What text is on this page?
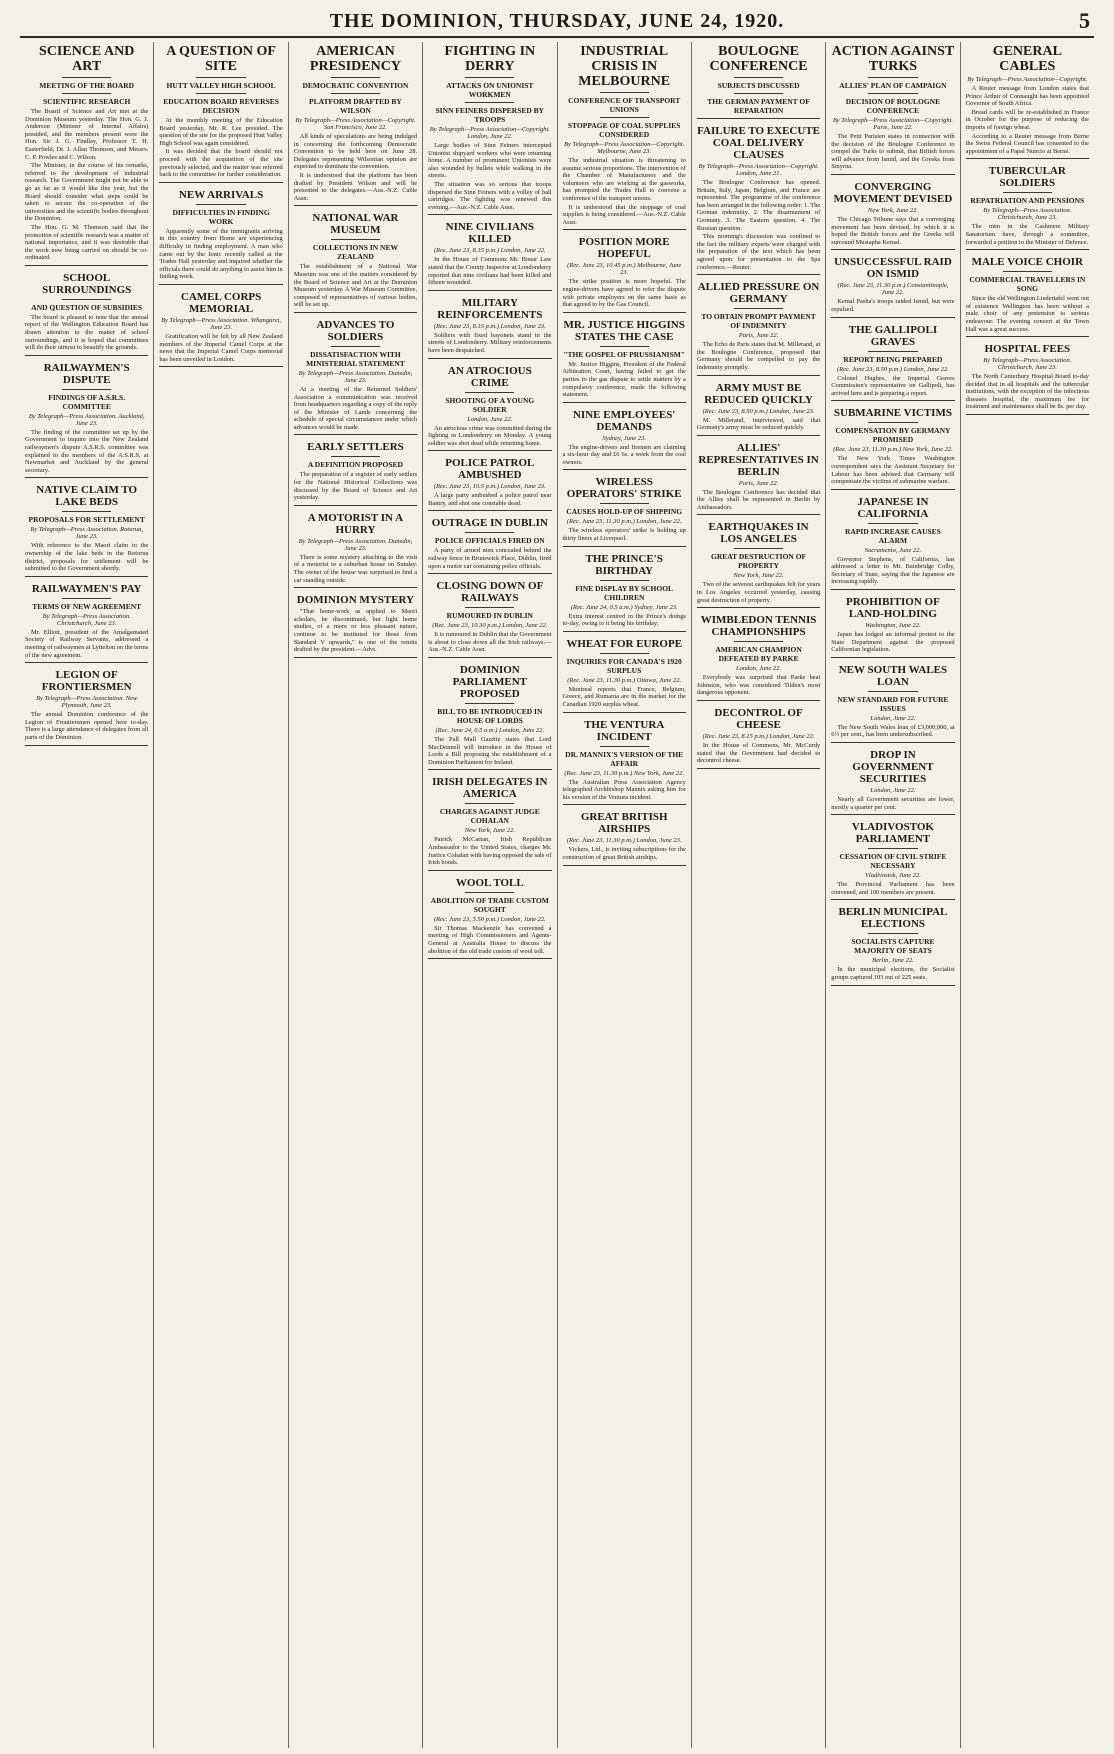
THE DOMINION, THURSDAY, JUNE 24, 1920.	5
SCIENCE AND ART
MEETING OF THE BOARD
SCIENTIFIC RESEARCH

The Board of Science and Art met at the Dominion Museum yesterday. The Hon. G. J. Anderson (Minister of Internal Affairs) presided, and the members present were the Hon. Sir J. G. Findlay, Professor T. H. Easterfield, Dr. J. Allan Thomson, and Messrs. C. P. Powles and C. Wilson.

The Minister, in the course of his remarks, referred to the development of industrial research. The Government might not be able to go as far as it would like this year, but the Board should consider what steps could be taken to secure the co-operation of the universities and the scientific bodies throughout the Dominion.

The Hon. G. M. Thomson said that the promotion of scientific research was a matter of national importance, and it was desirable that the work now being carried on should be co-ordinated.

SCHOOL SURROUNDINGS
AND QUESTION OF SUBSIDIES

The board is pleased to note that the annual report of the Wellington Education Board has drawn attention to the matter of school surroundings, and it is hoped that committees will do their utmost to beautify the grounds.

RAILWAYMEN'S DISPUTE
FINDINGS OF A.S.R.S. COMMITTEE
By Telegraph—Press Association. Auckland, June 23.

The finding of the committee set up by the Government to inquire into the New Zealand railwaymen's dispute A.S.R.S. committee was explained to the members of the A.S.R.S. at Newmarket and Auckland by the general secretary.

NATIVE CLAIM TO LAKE BEDS
PROPOSALS FOR SETTLEMENT
By Telegraph—Press Association. Rotorua, June 23.

With reference to the Maori claim to the ownership of the lake beds in the Rotorua district, proposals for settlement will be submitted to the Government shortly.

RAILWAYMEN'S PAY
TERMS OF NEW AGREEMENT
By Telegraph—Press Association. Christchurch, June 23.

Mr. Elliott, president of the Amalgamated Society of Railway Servants, addressed a meeting of railwaymen at Lyttelton on the terms of the new agreement.

LEGION OF FRONTIERSMEN
By Telegraph—Press Association. New Plymouth, June 23.

The annual Dominion conference of the Legion of Frontiersmen opened here to-day. There is a large attendance of delegates from all parts of the Dominion.

A QUESTION OF SITE
HUTT VALLEY HIGH SCHOOL
EDUCATION BOARD REVERSES DECISION

At the monthly meeting of the Education Board yesterday, Mr. R. Lee presided. The question of the site for the proposed Hutt Valley High School was again considered.

It was decided that the board should not proceed with the acquisition of the site previously selected, and the matter was referred back to the committee for further consideration.

NEW ARRIVALS
DIFFICULTIES IN FINDING WORK

Apparently some of the immigrants arriving in this country from Home are experiencing difficulty in finding employment. A man who came out by the Ionic recently called at the Trades Hall yesterday and inquired whether the officials there could do anything to assist him in finding work.

CAMEL CORPS MEMORIAL
By Telegraph—Press Association. Whangarei, June 23.

Gratification will be felt by all New Zealand members of the Imperial Camel Corps at the news that the Imperial Camel Corps memorial has been unveiled in London.

AMERICAN PRESIDENCY
DEMOCRATIC CONVENTION
PLATFORM DRAFTED BY WILSON
By Telegraph—Press Association—Copyright. San Francisco, June 22.

All kinds of speculations are being indulged in concerning the forthcoming Democratic Convention to be held here on June 28. Delegates representing Wilsonian opinion are expected to dominate the convention.

It is understood that the platform has been drafted by President Wilson and will be presented to the delegates.—Aus.-N.Z. Cable Assn.

NATIONAL WAR MUSEUM
COLLECTIONS IN NEW ZEALAND

The establishment of a National War Museum was one of the matters considered by the Board of Science and Art at the Dominion Museum yesterday. A War Museum Committee, composed of representatives of various bodies, will be set up.

ADVANCES TO SOLDIERS
DISSATISFACTION WITH MINISTERIAL STATEMENT
By Telegraph—Press Association. Dunedin, June 23.

At a meeting of the Returned Soldiers' Association a communication was received from headquarters regarding a copy of the reply of the Minister of Lands concerning the schedule of special circumstances under which advances would be made.

EARLY SETTLERS
A DEFINITION PROPOSED

The preparation of a register of early settlers for the National Historical Collections was discussed by the Board of Science and Art yesterday.

A MOTORIST IN A HURRY
By Telegraph—Press Association. Dunedin, June 23.

There is some mystery attaching to the visit of a motorist to a suburban house on Sunday. The owner of the house was surprised to find a car standing outside.

DOMINION MYSTERY

"That home-work as applied to Maori scholars, be discontinued, but light home studies, of a more or less pleasant nature, continue to be instituted for those from Standard V upwards," is one of the remits drafted by the president.—Advt.

FIGHTING IN DERRY
ATTACKS ON UNIONIST WORKMEN
SINN FEINERS DISPERSED BY TROOPS
By Telegraph—Press Association—Copyright. London, June 22.

Large bodies of Sinn Feiners intercepted Unionist shipyard workers who were returning home. A number of prominent Unionists were also wounded by bullets while walking in the streets.

The situation was so serious that troops dispersed the Sinn Feiners with a volley of ball cartridges. The fighting was renewed this evening.—Aus.-N.Z. Cable Assn.

NINE CIVILIANS KILLED
(Rec. June 23, 8.15 p.m.) London, June 22.

In the House of Commons Mr. Bonar Law stated that the County Inspector at Londonderry reported that nine civilians had been killed and fifteen wounded.

MILITARY REINFORCEMENTS
(Rec. June 23, 8.15 p.m.) London, June 23.

Soldiers with fixed bayonets stand in the streets of Londonderry. Military reinforcements have been despatched.

AN ATROCIOUS CRIME
SHOOTING OF A YOUNG SOLDIER
London, June 22.

An atrocious crime was committed during the fighting in Londonderry on Monday. A young soldier was shot dead while returning home.

POLICE PATROL AMBUSHED
(Rec. June 23, 10.5 p.m.) London, June 23.

A large party ambushed a police patrol near Bantry, and shot one constable dead.

OUTRAGE IN DUBLIN
POLICE OFFICIALS FIRED ON

A party of armed men concealed behind the railway fence in Brunswick Place, Dublin, fired upon a motor car containing police officials.

CLOSING DOWN OF RAILWAYS
RUMOURED IN DUBLIN
(Rec. June 23, 10.30 p.m.) London, June 22.

It is rumoured in Dublin that the Government is about to close down all the Irish railways.—Aus.-N.Z. Cable Assn.

DOMINION PARLIAMENT PROPOSED
BILL TO BE INTRODUCED IN HOUSE OF LORDS
(Rec. June 24, 0.5 a.m.) London, June 22.

The Pall Mall Gazette states that Lord MacDonnell will introduce in the House of Lords a Bill proposing the establishment of a Dominion Parliament for Ireland.

IRISH DELEGATES IN AMERICA
CHARGES AGAINST JUDGE COHALAN
New York, June 22.

Patrick McCartan, Irish Republican Ambassador to the United States, charges Mr. Justice Cohalan with having opposed the sale of Irish bonds.

WOOL TOLL
ABOLITION OF TRADE CUSTOM SOUGHT
(Rec. June 23, 5.50 p.m.) London, June 22.

Sir Thomas Mackenzie has convened a meeting of High Commissioners and Agents-General at Australia House to discuss the abolition of the old trade custom of wool toll.

INDUSTRIAL CRISIS IN MELBOURNE
CONFERENCE OF TRANSPORT UNIONS
STOPPAGE OF COAL SUPPLIES CONSIDERED
By Telegraph—Press Association—Copyright. Melbourne, June 23.

The industrial situation is threatening to assume serious proportions. The intervention of the Chamber of Manufacturers and the volunteers who are working at the gasworks, has prompted the Trades Hall to convene a conference of the transport unions.

It is understood that the stoppage of coal supplies is being considered.—Aus.-N.Z. Cable Assn.

POSITION MORE HOPEFUL
(Rec. June 23, 10.45 p.m.) Melbourne, June 23.

The strike position is more hopeful. The engine-drivers have agreed to refer the dispute with private employers on the same basis as that agreed to by the Gas Council.

MR. JUSTICE HIGGINS STATES THE CASE
"THE GOSPEL OF PRUSSIANISM"

Mr. Justice Higgins, President of the Federal Arbitration Court, having failed to get the parties to the gas dispute to settle matters by a compulsory conference, made the following statement.

NINE EMPLOYEES' DEMANDS
Sydney, June 23.

The engine-drivers and firemen are claiming a six-hour day and £6 6s. a week from the coal owners.

WIRELESS OPERATORS' STRIKE
CAUSES HOLD-UP OF SHIPPING
(Rec. June 23, 11.30 p.m.) London, June 22.

The wireless operators' strike is holding up thirty liners at Liverpool.

THE PRINCE'S BIRTHDAY
FINE DISPLAY BY SCHOOL CHILDREN
(Rec. June 24, 0.5 a.m.) Sydney, June 23.

Extra interest centred in the Prince's doings to-day, owing to it being his birthday.

WHEAT FOR EUROPE
INQUIRIES FOR CANADA'S 1920 SURPLUS
(Rec. June 23, 11.30 p.m.) Ottawa, June 22.

Montreal reports that France, Belgium, Greece, and Rumania are in the market for the Canadian 1920 surplus wheat.

THE VENTURA INCIDENT
DR. MANNIX'S VERSION OF THE AFFAIR
(Rec. June 23, 11.30 p.m.) New York, June 22.

The Australian Press Association Agency telegraphed Archbishop Mannix asking him for his version of the Ventura incident.

GREAT BRITISH AIRSHIPS
(Rec. June 23, 11.30 p.m.) London, June 23.

Vickers, Ltd., is inviting subscriptions for the construction of great British airships.

BOULOGNE CONFERENCE
SUBJECTS DISCUSSED
THE GERMAN PAYMENT OF REPARATION
FAILURE TO EXECUTE COAL DELIVERY CLAUSES
By Telegraph—Press Association—Copyright. London, June 21.

The Boulogne Conference has opened. Britain, Italy, Japan, Belgium, and France are represented. The programme of the conference has been arranged in the following order: 1. The German indemnity. 2. The disarmament of Germany. 3. The Eastern question. 4. The Russian question.

This morning's discussion was confined to the fact the military experts were charged with the preparation of the text which has been agreed upon for presentation to the Spa conference.—Reuter.

ALLIED PRESSURE ON GERMANY
TO OBTAIN PROMPT PAYMENT OF INDEMNITY
Paris, June 22.

The Echo de Paris states that M. Millerand, at the Boulogne Conference, proposed that Germany should be compelled to pay the indemnity promptly.

ARMY MUST BE REDUCED QUICKLY
(Rec. June 23, 8.50 p.m.) London, June 23.

M. Millerand, interviewed, said that Germany's army must be reduced quickly.

ALLIES' REPRESENTATIVES IN BERLIN
Paris, June 22.

The Boulogne Conference has decided that the Allies shall be represented in Berlin by Ambassadors.

EARTHQUAKES IN LOS ANGELES
GREAT DESTRUCTION OF PROPERTY
New York, June 22.

Two of the severest earthquakes felt for years in Los Angeles occurred yesterday, causing great destruction of property.

WIMBLEDON TENNIS CHAMPIONSHIPS
AMERICAN CHAMPION DEFEATED BY PARKE
London, June 22.

Everybody was surprised that Parke beat Johnston, who was considered Tilden's most dangerous opponent.

DECONTROL OF CHEESE
(Rec. June 23, 8.15 p.m.) London, June 22.

In the House of Commons, Mr. McCurdy stated that the Government had decided to decontrol cheese.

ACTION AGAINST TURKS
ALLIES' PLAN OF CAMPAIGN
DECISION OF BOULOGNE CONFERENCE
By Telegraph—Press Association—Copyright. Paris, June 22.

The Petit Parisien states in connection with the decision of the Boulogne Conference to compel the Turks to submit, that British forces will advance from Ismid, and the Greeks from Smyrna.

CONVERGING MOVEMENT DEVISED
New York, June 22.

The Chicago Tribune says that a converging movement has been devised, by which it is hoped the British forces and the Greeks will surround Mustapha Kemal.

UNSUCCESSFUL RAID ON ISMID
(Rec. June 23, 11.30 p.m.) Constantinople, June 22.

Kemal Pasha's troops raided Ismid, but were repulsed.

THE GALLIPOLI GRAVES
REPORT BEING PREPARED
(Rec. June 23, 8.50 p.m.) London, June 22.

Colonel Hughes, the Imperial Graves Commission's representative on Gallipoli, has arrived here and is preparing a report.

SUBMARINE VICTIMS
COMPENSATION BY GERMANY PROMISED
(Rec. June 23, 11.30 p.m.) New York, June 22.

The New York Times Washington correspondent says the Assistant Secretary for Labour has been advised that Germany will compensate the victims of submarine warfare.

JAPANESE IN CALIFORNIA
RAPID INCREASE CAUSES ALARM
Sacramento, June 22.

Governor Stephens, of California, has addressed a letter to Mr. Bainbridge Colby, Secretary of State, saying that the Japanese are increasing rapidly.

PROHIBITION OF LAND-HOLDING
Washington, June 22.

Japan has lodged an informal protest to the State Department against the proposed Californian legislation.

NEW SOUTH WALES LOAN
NEW STANDARD FOR FUTURE ISSUES
London, June 22.

The New South Wales loan of £3,000,000, at 6½ per cent., has been undersubscribed.

DROP IN GOVERNMENT SECURITIES
London, June 22.

Nearly all Government securities are lower, mostly a quarter per cent.

VLADIVOSTOK PARLIAMENT
CESSATION OF CIVIL STRIFE NECESSARY
Vladivostok, June 22.

The Provincial Parliament has been convened, and 100 members are present.

BERLIN MUNICIPAL ELECTIONS
SOCIALISTS CAPTURE MAJORITY OF SEATS
Berlin, June 22.

In the municipal elections, the Socialist groups captured 103 out of 225 seats.

GENERAL CABLES
By Telegraph—Press Association—Copyright.

A Reuter message from London states that Prince Arthur of Connaught has been appointed Governor of South Africa.

Bread cards will be re-established in France in October for the purpose of reducing the imports of foreign wheat.

According to a Reuter message from Berne the Swiss Federal Council has consented to the appointment of a Papal Nuncio at Berne.

TUBERCULAR SOLDIERS
REPATRIATION AND PENSIONS
By Telegraph—Press Association. Christchurch, June 23.

The men in the Cashmere Military Sanatorium have, through a committee, forwarded a petition to the Minister of Defence.

MALE VOICE CHOIR
COMMERCIAL TRAVELLERS IN SONG

Since the old Wellington Liedertafel went out of existence Wellington has been without a male choir of any pretension to serious endeavour. The evening concert at the Town Hall was a great success.

HOSPITAL FEES
By Telegraph—Press Association. Christchurch, June 23.

The North Canterbury Hospital Board to-day decided that in all hospitals and the tubercular institutions, with the exception of the infectious diseases hospital, the maximum fee for treatment and maintenance shall be 8s. per day.
